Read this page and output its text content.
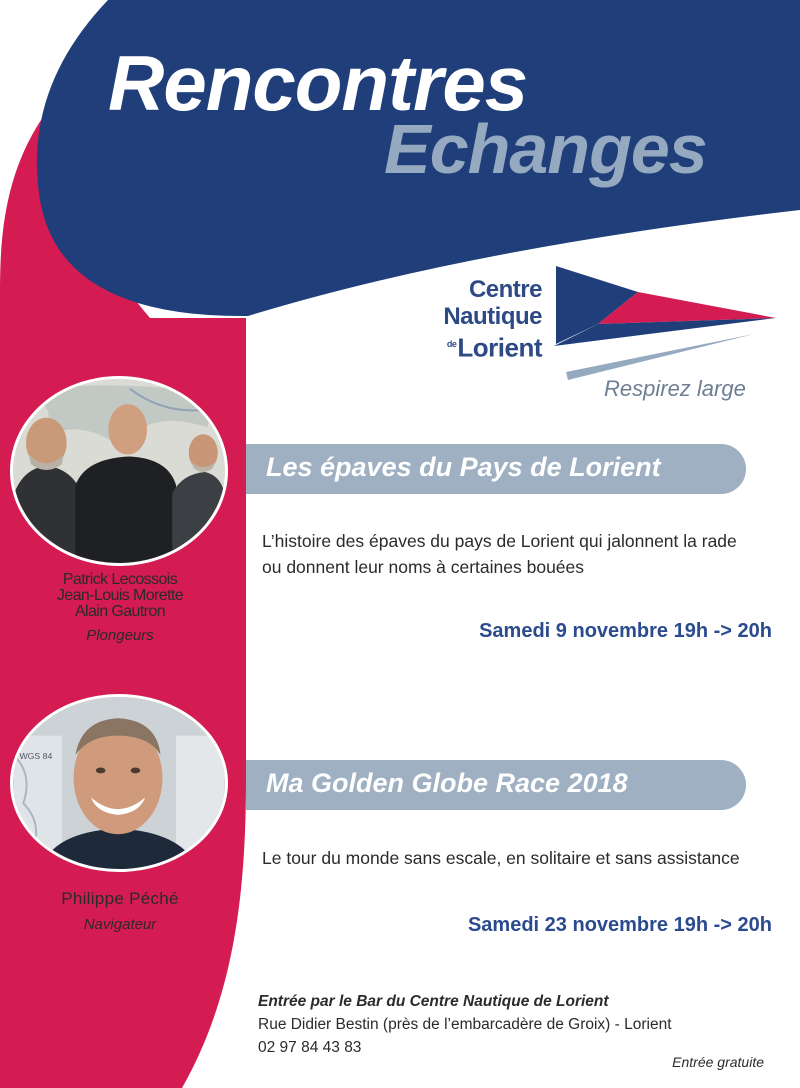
Rencontres
Echanges
Centre
Nautique
$^{de}$Lorient
Respirez large
Patrick Lecossois
Jean-Louis Morette
Alain Gautron
Plongeurs
WGS 84
Philippe Péché
Navigateur
Les épaves du Pays de Lorient
L’histoire des épaves du pays de Lorient qui jalonnent la rade ou donnent leur noms à certaines bouées
Samedi 9 novembre 19h -> 20h
Ma Golden Globe Race 2018
Le tour du monde sans escale, en solitaire et sans assistance
Samedi 23 novembre 19h -> 20h
Entrée par le Bar du Centre Nautique de Lorient
Rue Didier Bestin (près de l’embarcadère de Groix) - Lorient
02 97 84 43 83
Entrée gratuite
